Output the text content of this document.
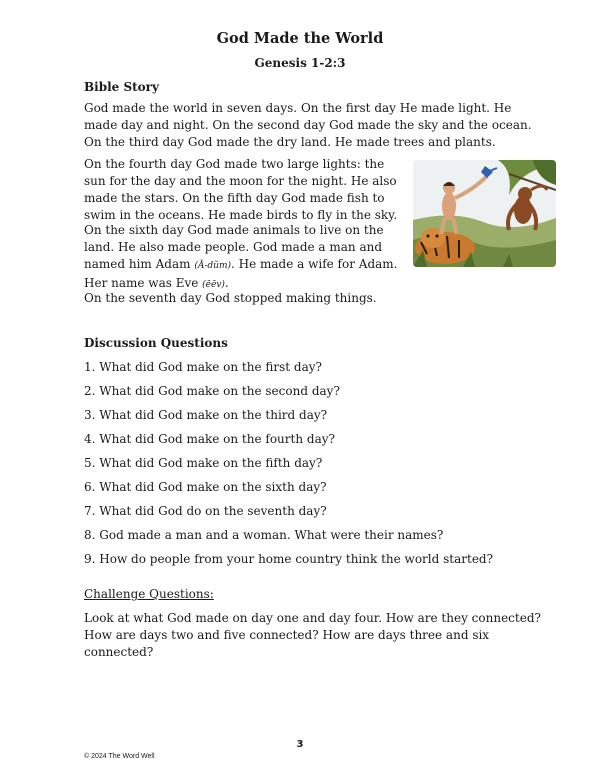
God Made the World
Genesis 1-2:3
Bible Story

God made the world in seven days. On the first day He made light. He made day and night. On the second day God made the sky and the ocean. On the third day God made the dry land. He made trees and plants.

On the fourth day God made two large lights: the sun for the day and the moon for the night. He also made the stars. On the fifth day God made fish to swim in the oceans. He made birds to fly in the sky.

On the sixth day God made animals to live on the land. He also made people. God made a man and named him Adam (Ă-dŭm). He made a wife for Adam. Her name was Eve (ēēv).

On the seventh day God stopped making things.

Discussion Questions
1. What did God make on the first day?
2. What did God make on the second day?
3. What did God make on the third day?
4. What did God make on the fourth day?
5. What did God make on the fifth day?
6. What did God make on the sixth day?
7. What did God do on the seventh day?
8. God made a man and a woman. What were their names?
9. How do people from your home country think the world started?
Challenge Questions:

Look at what God made on day one and day four. How are they connected? How are days two and five connected? How are days three and six connected?

3
© 2024 The Word Well
